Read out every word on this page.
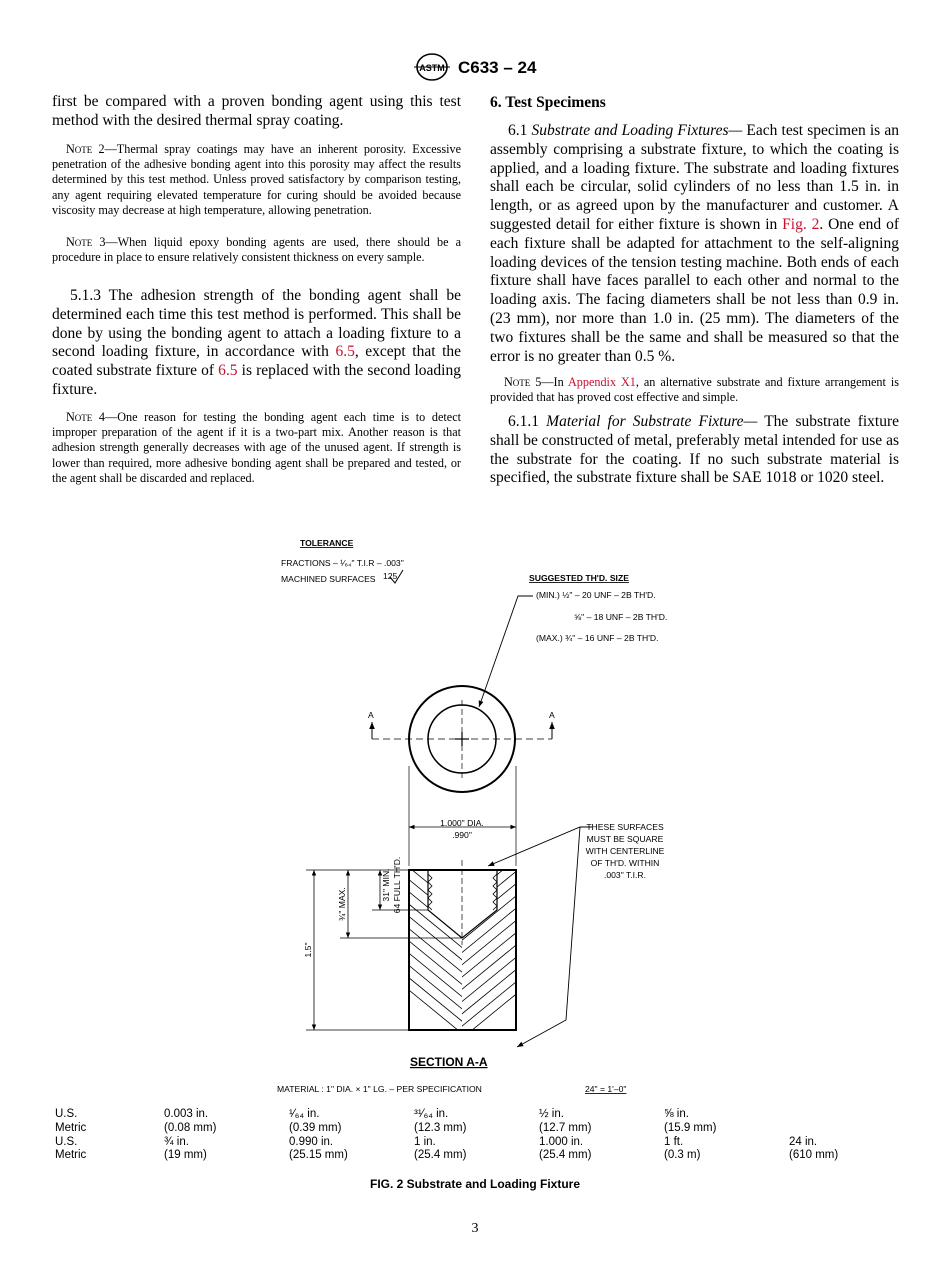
ASTM C633 – 24
first be compared with a proven bonding agent using this test method with the desired thermal spray coating.
Note 2—Thermal spray coatings may have an inherent porosity. Excessive penetration of the adhesive bonding agent into this porosity may affect the results determined by this test method. Unless proved satisfactory by comparison testing, any agent requiring elevated temperature for curing should be avoided because viscosity may decrease at high temperature, allowing penetration.
Note 3—When liquid epoxy bonding agents are used, there should be a procedure in place to ensure relatively consistent thickness on every sample.
5.1.3 The adhesion strength of the bonding agent shall be determined each time this test method is performed. This shall be done by using the bonding agent to attach a loading fixture to a second loading fixture, in accordance with 6.5, except that the coated substrate fixture of 6.5 is replaced with the second loading fixture.
Note 4—One reason for testing the bonding agent each time is to detect improper preparation of the agent if it is a two-part mix. Another reason is that adhesion strength generally decreases with age of the unused agent. If strength is lower than required, more adhesive bonding agent shall be prepared and tested, or the agent shall be discarded and replaced.
6. Test Specimens
6.1 Substrate and Loading Fixtures— Each test specimen is an assembly comprising a substrate fixture, to which the coating is applied, and a loading fixture. The substrate and loading fixtures shall each be circular, solid cylinders of no less than 1.5 in. in length, or as agreed upon by the manufacturer and customer. A suggested detail for either fixture is shown in Fig. 2. One end of each fixture shall be adapted for attachment to the self-aligning loading devices of the tension testing machine. Both ends of each fixture shall have faces parallel to each other and normal to the loading axis. The facing diameters shall be not less than 0.9 in. (23 mm), nor more than 1.0 in. (25 mm). The diameters of the two fixtures shall be the same and shall be measured so that the error is no greater than 0.5 %.
Note 5—In Appendix X1, an alternative substrate and fixture arrangement is provided that has proved cost effective and simple.
6.1.1 Material for Substrate Fixture— The substrate fixture shall be constructed of metal, preferably metal intended for use as the substrate for the coating. If no such substrate material is specified, the substrate fixture shall be SAE 1018 or 1020 steel.
TOLERANCE
FRACTIONS – ¹⁄₆₄" T.I.R – .003"
MACHINED SURFACES 125	SUGGESTED TH'D. SIZE
(MIN.) ½" – 20 UNF – 2B TH'D.
⅝" – 18 UNF – 2B TH'D.
(MAX.) ¾" – 16 UNF – 2B TH'D.
A	A
1.000" DIA.
.990"
THESE SURFACES
MUST BE SQUARE
WITH CENTERLINE
OF TH'D. WITHIN
.003" T.I.R.
1.5"
¾" MAX.
31" MIN. 64 FULL TH'D.
SECTION A-A
MATERIAL : 1" DIA. × 1" LG. – PER SPECIFICATION	24" = 1'–0"
U.S.	0.003 in.	¹⁄₆₄ in.	³¹⁄₆₄ in.	½ in.	⅝ in.	
Metric	(0.08 mm)	(0.39 mm)	(12.3 mm)	(12.7 mm)	(15.9 mm)	
U.S.	¾ in.	0.990 in.	1 in.	1.000 in.	1 ft.	24 in.
Metric	(19 mm)	(25.15 mm)	(25.4 mm)	(25.4 mm)	(0.3 m)	(610 mm)
FIG. 2 Substrate and Loading Fixture
3
